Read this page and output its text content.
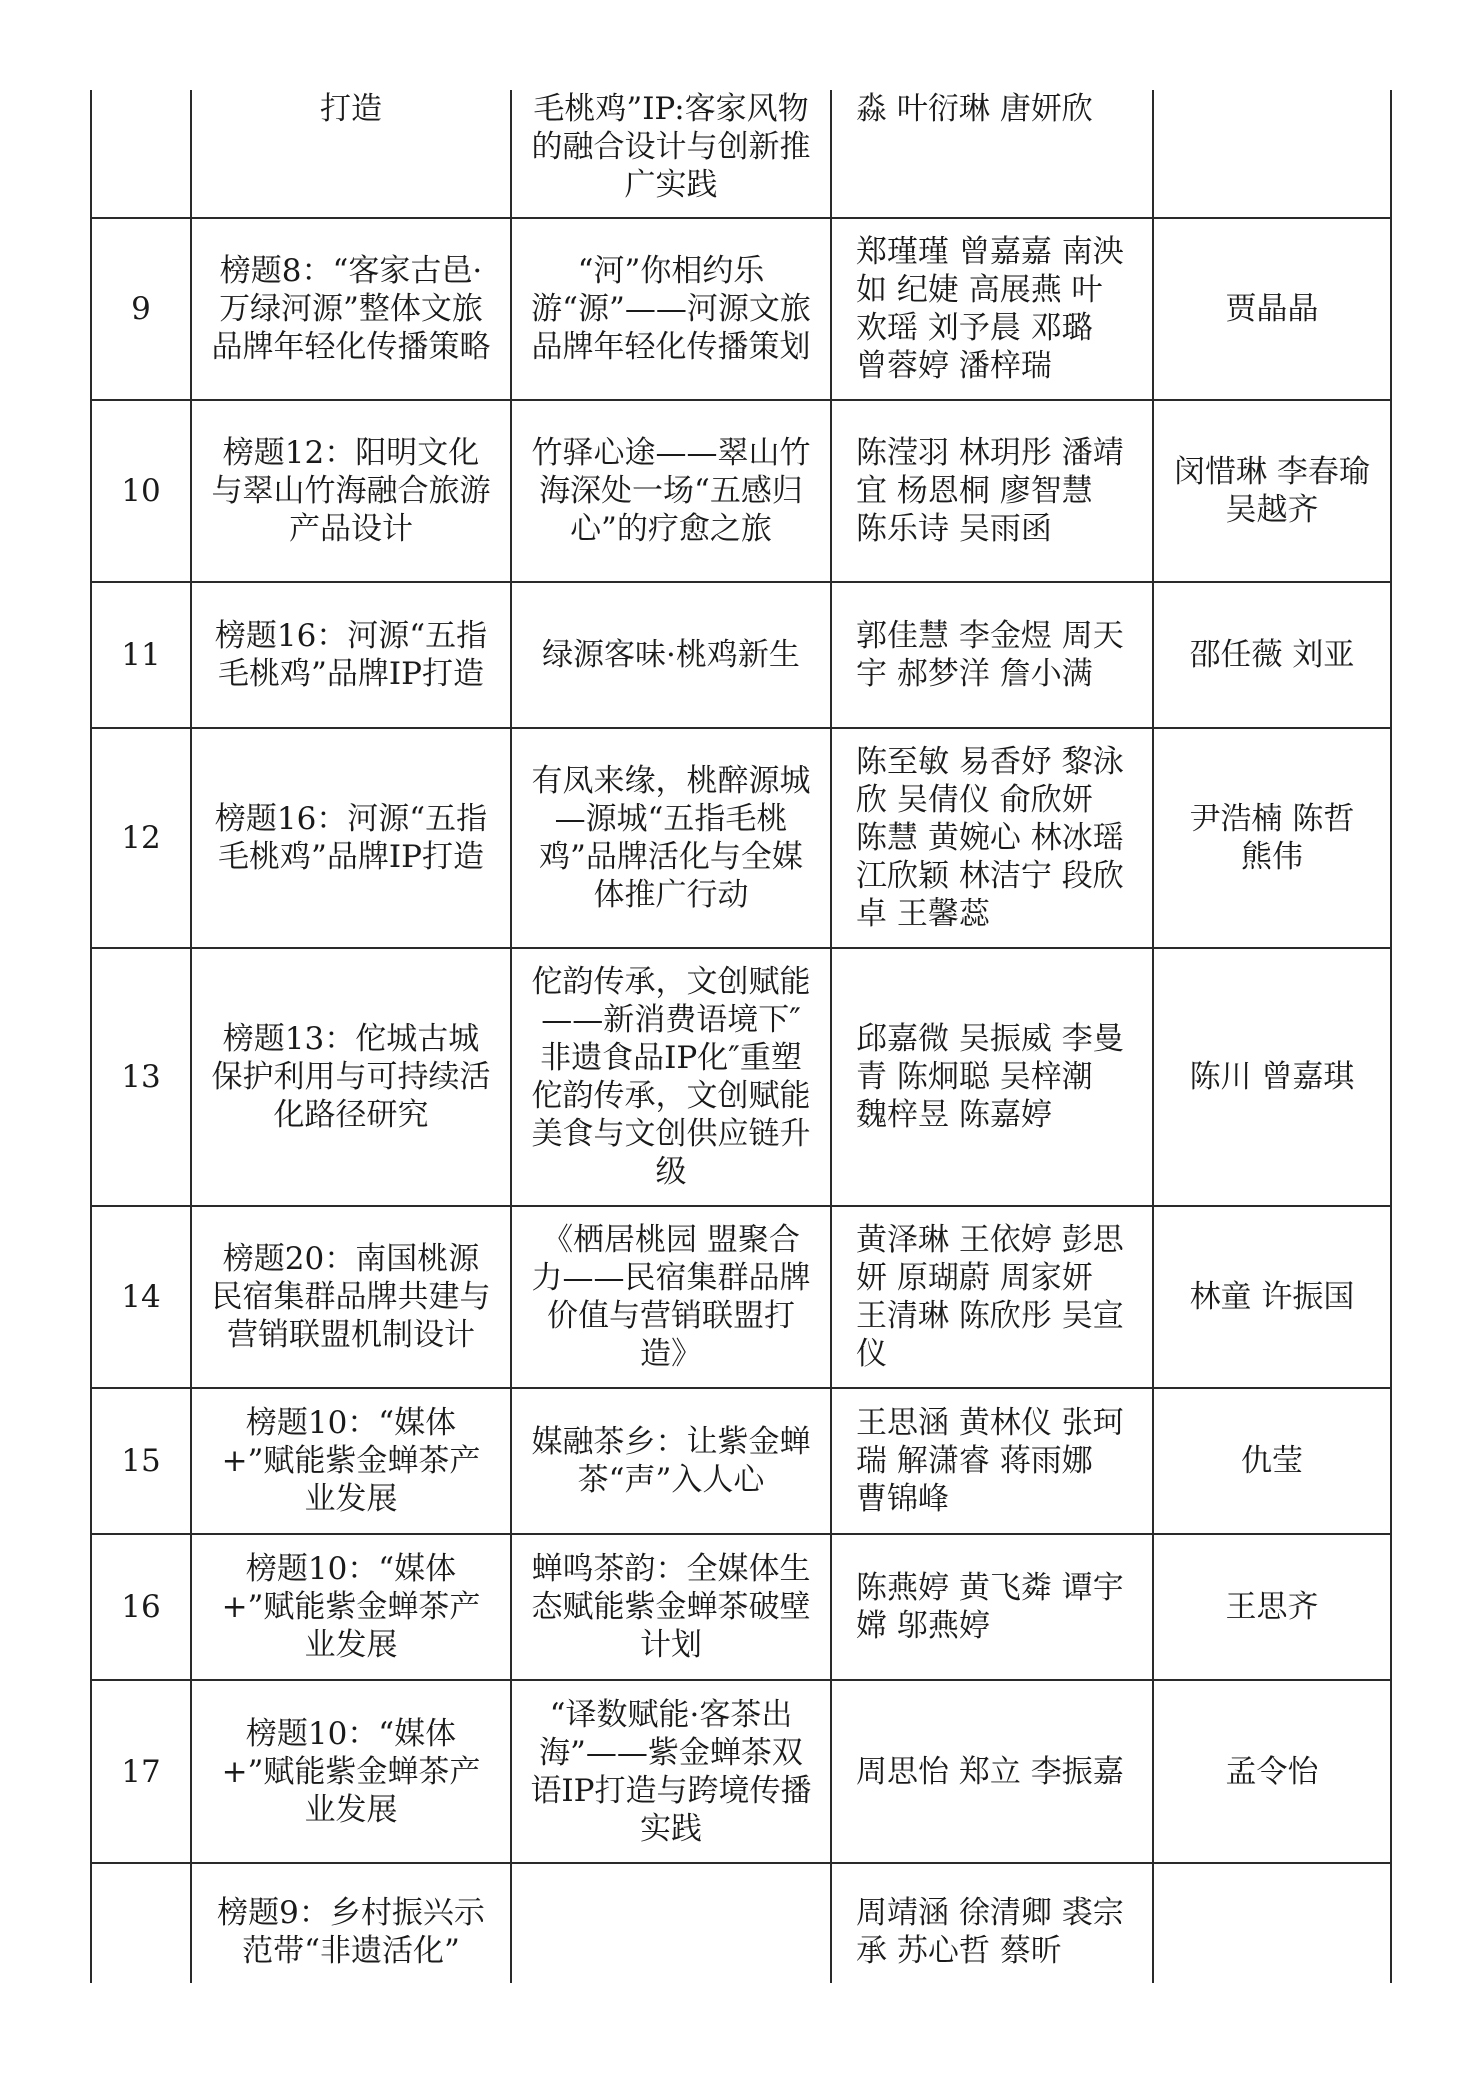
	打造	毛桃鸡”IP:客家风物的融合设计与创新推广实践	淼 叶衍琳 唐妍欣	
9	榜题8：“客家古邑·万绿河源”整体文旅品牌年轻化传播策略	“河”你相约乐游“源”——河源文旅品牌年轻化传播策划	郑瑾瑾 曾嘉嘉 南泱如 纪婕 高展燕 叶欢瑶 刘予晨 邓璐 曾蓉婷 潘梓瑞	贾晶晶
10	榜题12：阳明文化与翠山竹海融合旅游产品设计	竹驿心途——翠山竹海深处一场“五感归心”的疗愈之旅	陈滢羽 林玥彤 潘靖宜 杨恩桐 廖智慧 陈乐诗 吴雨函	闵惜琳 李春瑜 吴越齐
11	榜题16：河源“五指毛桃鸡”品牌IP打造	绿源客味·桃鸡新生	郭佳慧 李金煜 周天宇 郝梦洋 詹小满	邵任薇 刘亚
12	榜题16：河源“五指毛桃鸡”品牌IP打造	有凤来缘，桃醉源城—源城“五指毛桃鸡”品牌活化与全媒体推广行动	陈至敏 易香妤 黎泳欣 吴倩仪 俞欣妍 陈慧 黄婉心 林冰瑶 江欣颖 林洁宁 段欣卓 王馨蕊	尹浩楠 陈哲 熊伟
13	榜题13：佗城古城保护利用与可持续活化路径研究	佗韵传承，文创赋能——新消费语境下″非遗食品IP化″重塑佗韵传承，文创赋能美食与文创供应链升级	邱嘉微 吴振威 李曼青 陈炯聪 吴梓潮 魏梓昱 陈嘉婷	陈川 曾嘉琪
14	榜题20：南国桃源民宿集群品牌共建与营销联盟机制设计	《栖居桃园 盟聚合力——民宿集群品牌价值与营销联盟打造》	黄泽琳 王依婷 彭思妍 原瑚蔚 周家妍 王清琳 陈欣彤 吴宣仪	林童 许振国
15	榜题10：“媒体+”赋能紫金蝉茶产业发展	媒融茶乡：让紫金蝉茶“声”入人心	王思涵 黄林仪 张珂瑞 解潇睿 蒋雨娜 曹锦峰	仇莹
16	榜题10：“媒体+”赋能紫金蝉茶产业发展	蝉鸣茶韵：全媒体生态赋能紫金蝉茶破壁计划	陈燕婷 黄飞粦 谭宇嫦 邬燕婷	王思齐
17	榜题10：“媒体+”赋能紫金蝉茶产业发展	“译数赋能·客茶出海”——紫金蝉茶双语IP打造与跨境传播实践	周思怡 郑立 李振嘉	孟令怡
	榜题9：乡村振兴示范带“非遗活化”		周靖涵 徐清卿 裘宗承 苏心哲 蔡昕	
